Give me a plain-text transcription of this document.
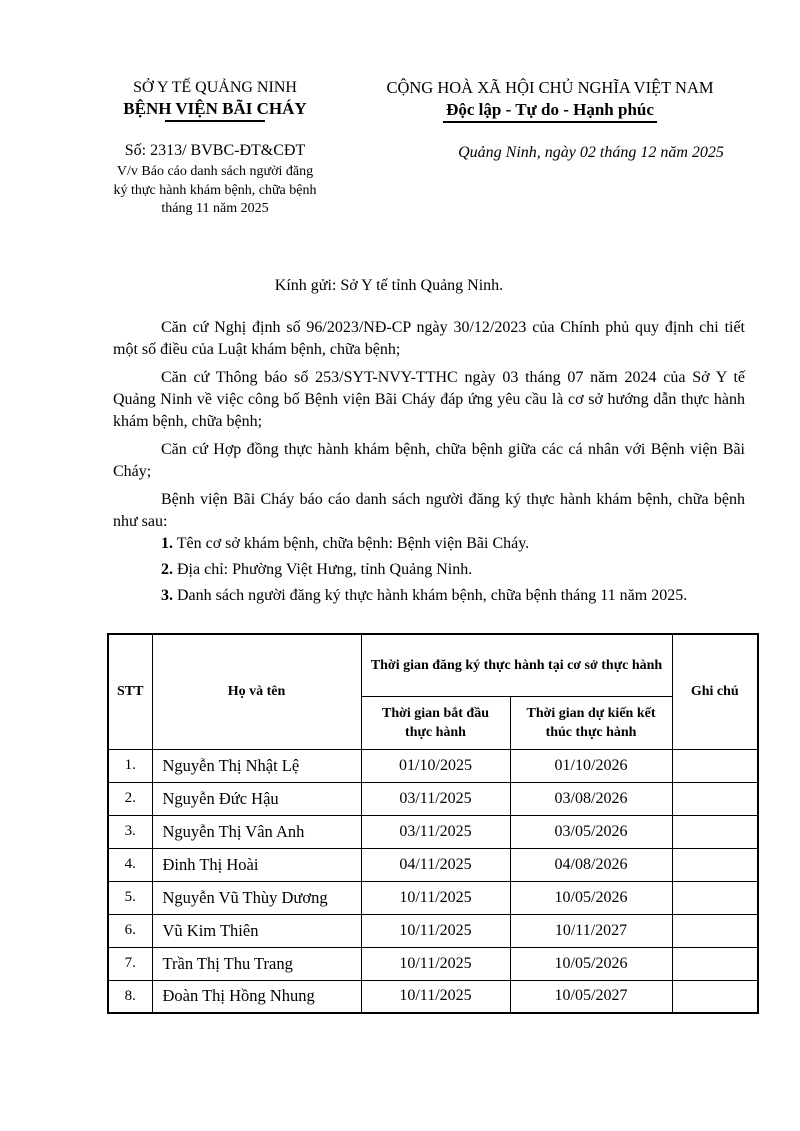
SỞ Y TẾ QUẢNG NINH
BỆNH VIỆN BÃI CHÁY
Số: 2313/ BVBC-ĐT&CĐT
V/v Báo cáo danh sách người đăng
ký thực hành khám bệnh, chữa bệnh
tháng 11 năm 2025
CỘNG HOÀ XÃ HỘI CHỦ NGHĨA VIỆT NAM
Độc lập - Tự do - Hạnh phúc
Quảng Ninh, ngày 02 tháng 12 năm 2025
Kính gửi: Sở Y tế tỉnh Quảng Ninh.

Căn cứ Nghị định số 96/2023/NĐ-CP ngày 30/12/2023 của Chính phủ quy định chi tiết một số điều của Luật khám bệnh, chữa bệnh;

Căn cứ Thông báo số 253/SYT-NVY-TTHC ngày 03 tháng 07 năm 2024 của Sở Y tế Quảng Ninh về việc công bố Bệnh viện Bãi Cháy đáp ứng yêu cầu là cơ sở hướng dẫn thực hành khám bệnh, chữa bệnh;

Căn cứ Hợp đồng thực hành khám bệnh, chữa bệnh giữa các cá nhân với Bệnh viện Bãi Cháy;

Bệnh viện Bãi Cháy báo cáo danh sách người đăng ký thực hành khám bệnh, chữa bệnh như sau:

1. Tên cơ sở khám bệnh, chữa bệnh: Bệnh viện Bãi Cháy.

2. Địa chỉ: Phường Việt Hưng, tỉnh Quảng Ninh.

3. Danh sách người đăng ký thực hành khám bệnh, chữa bệnh tháng 11 năm 2025.

STT	Họ và tên	Thời gian đăng ký thực hành tại cơ sở thực hành		Ghi chú
		Thời gian bắt đầu thực hành	Thời gian dự kiến kết thúc thực hành	
1.	Nguyễn Thị Nhật Lệ	01/10/2025	01/10/2026	
2.	Nguyễn Đức Hậu	03/11/2025	03/08/2026	
3.	Nguyễn Thị Vân Anh	03/11/2025	03/05/2026	
4.	Đinh Thị Hoài	04/11/2025	04/08/2026	
5.	Nguyễn Vũ Thùy Dương	10/11/2025	10/05/2026	
6.	Vũ Kim Thiên	10/11/2025	10/11/2027	
7.	Trần Thị Thu Trang	10/11/2025	10/05/2026	
8.	Đoàn Thị Hồng Nhung	10/11/2025	10/05/2027	
